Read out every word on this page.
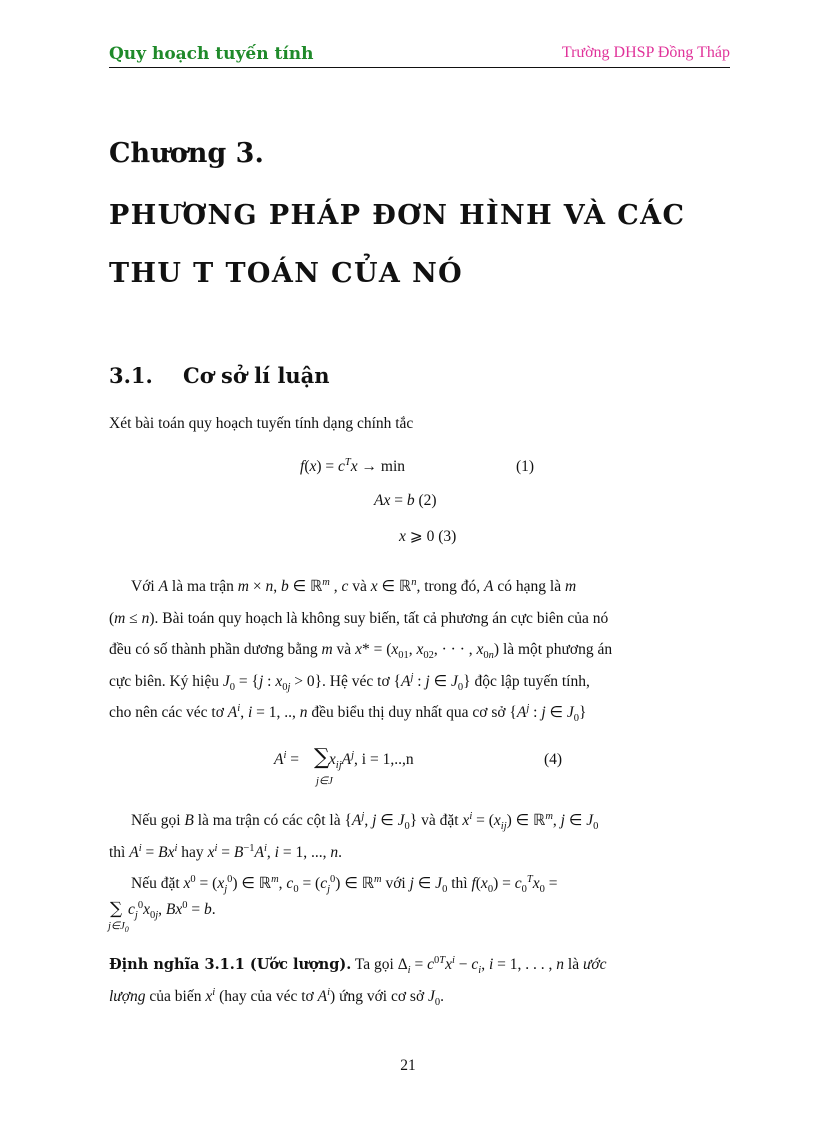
Quy hoạch tuyến tính	Trường DHSP Đồng Tháp
Chương 3.
PHƯƠNG PHÁP ĐƠN HÌNH VÀ CÁC
THU T TOÁN CỦA NÓ
3.1. Cơ sở lí luận
Xét bài toán quy hoạch tuyến tính dạng chính tắc
$f(x) = c^Tx \to \min$	(1)
Ax = b (2)
x ⩾ 0 (3)
Với A là ma trận m × n, b ∈ ℝ$^m$ , c và x ∈ ℝ$^n$, trong đó, A có hạng là m
(m ≤ n). Bài toán quy hoạch là không suy biến, tất cả phương án cực biên của nó
đều có số thành phần dương bằng m và $x* = (x_{01}$, $x_{02}$, · · · , $x_{0n}$) là một phương án
cực biên. Ký hiệu $J_0 = \{j$ : $x_{0j} > 0$}. Hệ véc tơ {$A^j$ : j ∈ $J_0$} độc lập tuyến tính,
cho nên các véc tơ $A^i$, i = 1, .., n đều biểu thị duy nhất qua cơ sở {$A^j$ : j ∈ $J_0$}
$A^i = x_{ij}A^j$, i = 1,..,n
∑
j∈J
(4)
Nếu gọi B là ma trận có các cột là {$A^j$, j ∈ $J_0$} và đặt $x^i = (x_{ij})$ ∈ ℝ$^m$, j ∈ $J_0$
thì $A^i = Bx^i$ hay $x^i = B^{-1}A^i$, i = 1, ..., n.
Nếu đặt $x^0 = (x_j^0)$ ∈ ℝ$^m$, $c_0 = (c_j^0)$ ∈ ℝ$^m$ với j ∈ $J_0$ thì $f(x_0) = c_0^Tx_0$ =
$c_j^0x_{0j}$, $Bx^0 = b$.
∑
$j\in J_0$
Định nghĩa 3.1.1 (Ước lượng). Ta gọi $\Delta_i = c^{0T}x^i - c_i$, i = 1, . . . , n là ước
lượng của biến $x^i$ (hay của véc tơ $A^i$) ứng với cơ sở $J_0$.
21
